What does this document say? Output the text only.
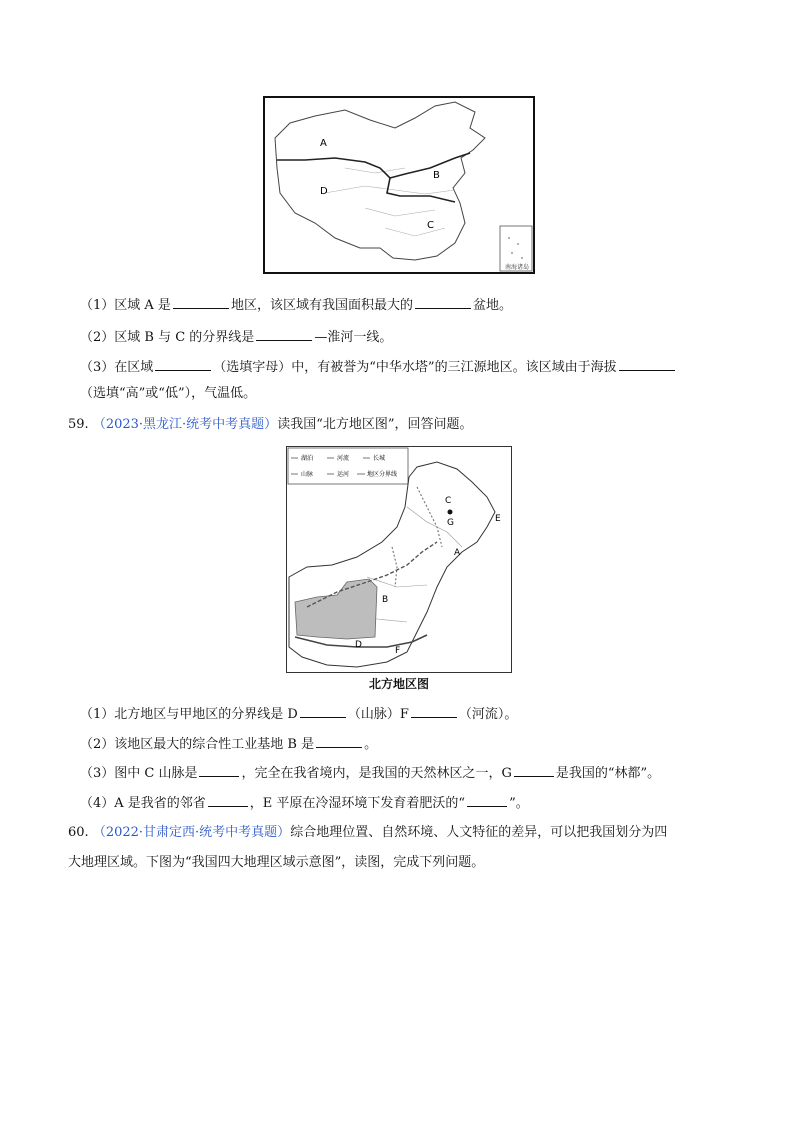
南海诸岛
A
B
C
D
（1）区域 A 是	地区，该区域有我国面积最大的	盆地。
（2）区域 B 与 C 的分界线是	—淮河一线。
（3）在区域	（选填字母）中，有被誉为“中华水塔”的三江源地区。该区域由于海拔
（选填“高”或“低”），气温低。
59. （2023·黑龙江·统考中考真题）读我国“北方地区图”，回答问题。
湖泊	河流	长城
山脉	运河	地区分界线
C
G	E
A
B
D
F
北方地区图
（1）北方地区与甲地区的分界线是 D	（山脉）F	（河流）。
（2）该地区最大的综合性工业基地 B 是	。
（3）图中 C 山脉是	，完全在我省境内，是我国的天然林区之一，G	是我国的“林都”。
（4）A 是我省的邻省	，E 平原在冷湿环境下发育着肥沃的“	”。
60. （2022·甘肃定西·统考中考真题）综合地理位置、自然环境、人文特征的差异，可以把我国划分为四
大地理区域。下图为“我国四大地理区域示意图”，读图，完成下列问题。
